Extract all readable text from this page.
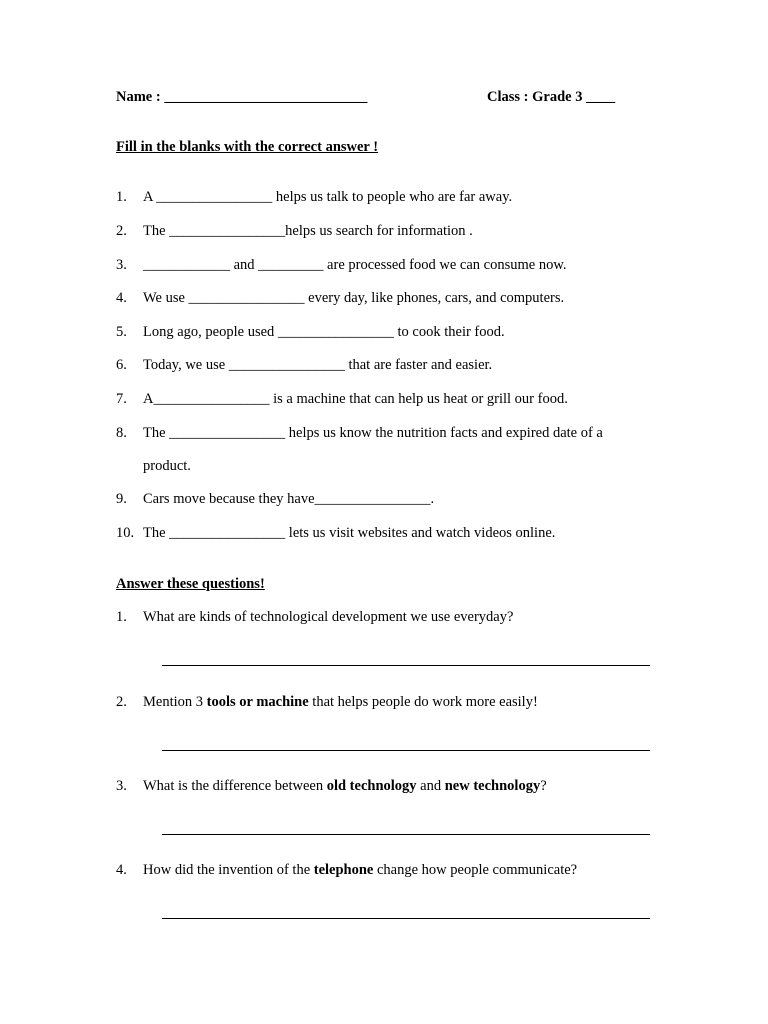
Name : ____________________________	Class : Grade 3 ____
Fill in the blanks with the correct answer !
1. A ________________ helps us talk to people who are far away.
2. The ________________helps us search for information .
3. ____________ and _________ are processed food we can consume now.
4. We use ________________ every day, like phones, cars, and computers.
5. Long ago, people used ________________ to cook their food.
6. Today, we use ________________ that are faster and easier.
7. A________________ is a machine that can help us heat or grill our food.
8. The ________________ helps us know the nutrition facts and expired date of a
product.
9. Cars move because they have________________.
10. The ________________ lets us visit websites and watch videos online.
Answer these questions!
1. What are kinds of technological development we use everyday?
2. Mention 3 tools or machine that helps people do work more easily!
3. What is the difference between old technology and new technology?
4. How did the invention of the telephone change how people communicate?
